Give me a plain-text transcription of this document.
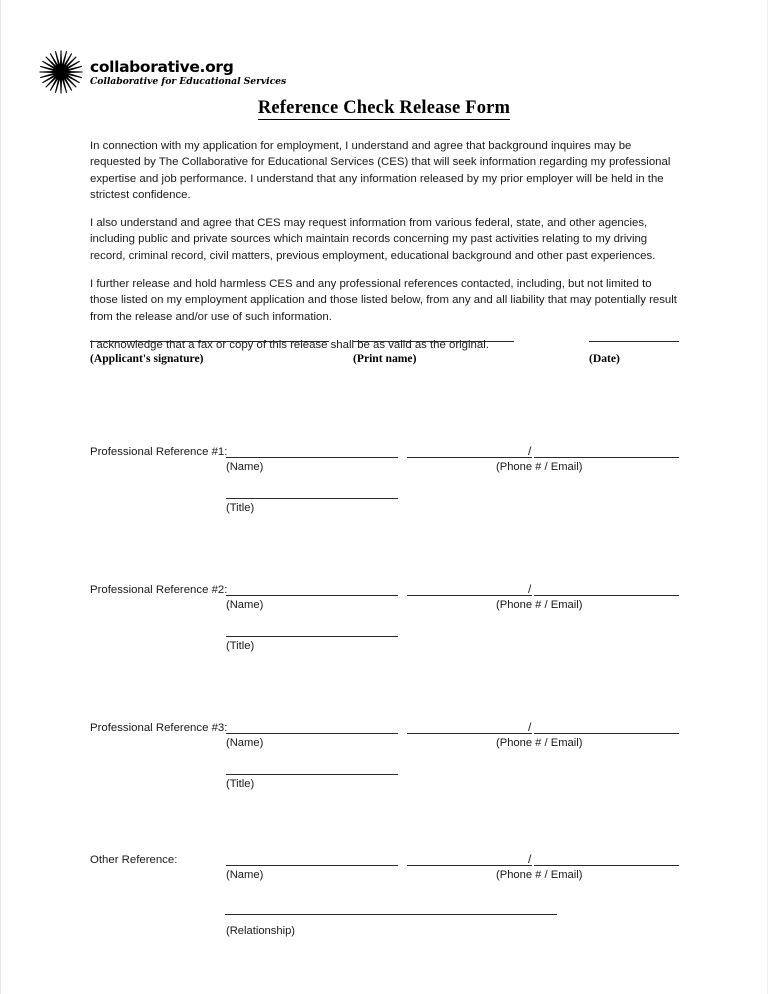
collaborative.org
Collaborative for Educational Services
Reference Check Release Form

In connection with my application for employment, I understand and agree that background inquires may be requested by The Collaborative for Educational Services (CES) that will seek information regarding my professional expertise and job performance. I understand that any information released by my prior employer will be held in the strictest confidence.

I also understand and agree that CES may request information from various federal, state, and other agencies, including public and private sources which maintain records concerning my past activities relating to my driving record, criminal record, civil matters, previous employment, educational background and other past experiences.

I further release and hold harmless CES and any professional references contacted, including, but not limited to those listed on my employment application and those listed below, from any and all liability that may potentially result from the release and/or use of such information.

I acknowledge that a fax or copy of this release shall be as valid as the original.

(Applicant's signature)	(Print name)	(Date)
Professional Reference #1:
(Name)
/
(Phone # / Email)
(Title)
Professional Reference #2:
(Name)
/
(Phone # / Email)
(Title)
Professional Reference #3:
(Name)
/
(Phone # / Email)
(Title)
Other Reference:
(Name)
/
(Phone # / Email)
(Relationship)
